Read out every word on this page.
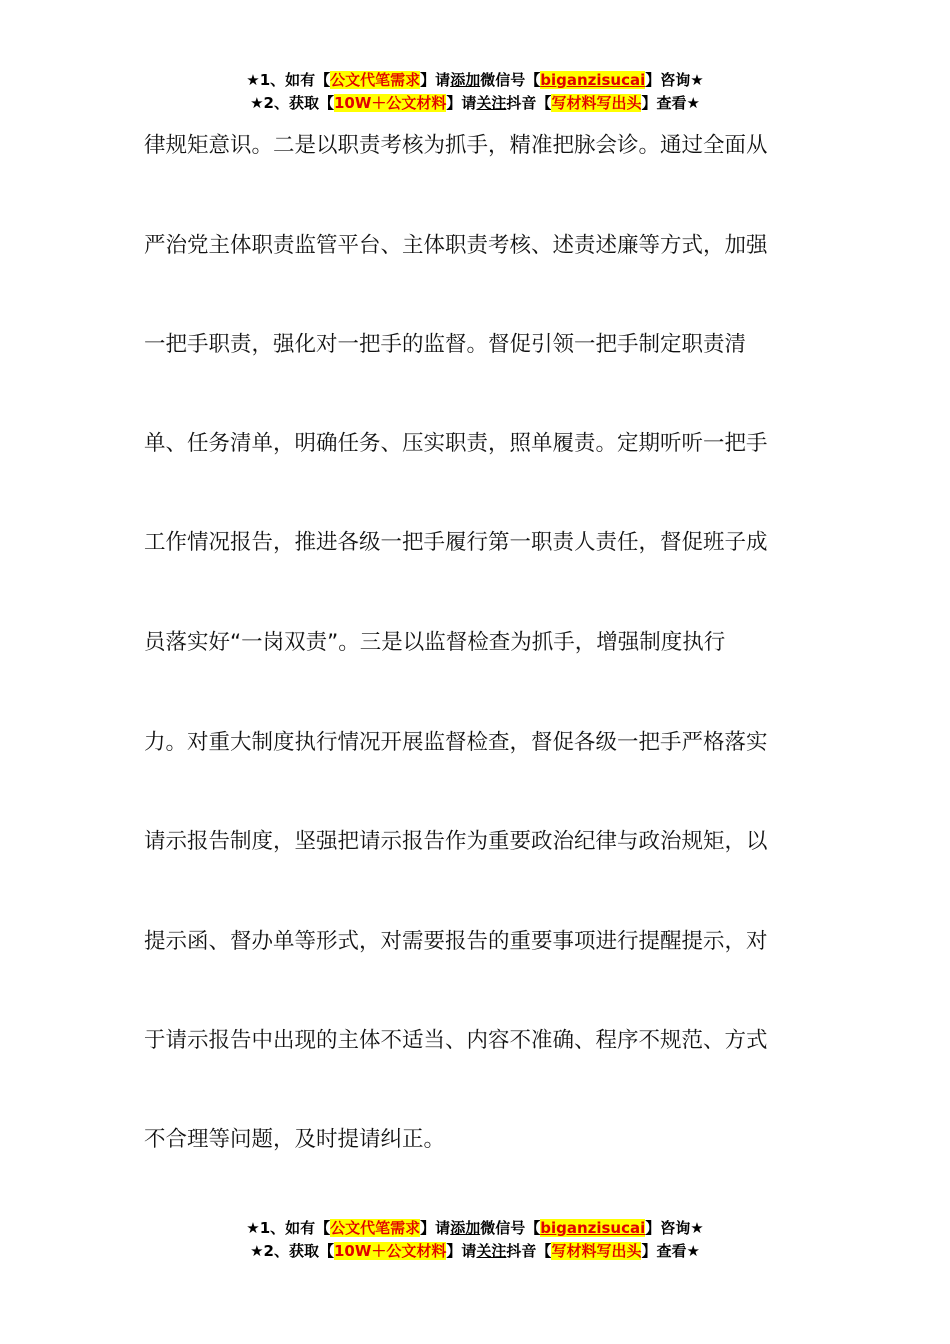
★1、如有【公文代笔需求】请添加微信号【biganzisucai】咨询★
★2、获取【10W＋公文材料】请关注抖音【写材料写出头】查看★
律规矩意识。二是以职责考核为抓手，精准把脉会诊。通过全面从
严治党主体职责监管平台、主体职责考核、述责述廉等方式，加强
一把手职责，强化对一把手的监督。督促引领一把手制定职责清
单、任务清单，明确任务、压实职责，照单履责。定期听听一把手
工作情况报告，推进各级一把手履行第一职责人责任，督促班子成
员落实好“一岗双责”。三是以监督检查为抓手，增强制度执行
力。对重大制度执行情况开展监督检查，督促各级一把手严格落实
请示报告制度，坚强把请示报告作为重要政治纪律与政治规矩，以
提示函、督办单等形式，对需要报告的重要事项进行提醒提示，对
于请示报告中出现的主体不适当、内容不准确、程序不规范、方式
不合理等问题，及时提请纠正。
★1、如有【公文代笔需求】请添加微信号【biganzisucai】咨询★
★2、获取【10W＋公文材料】请关注抖音【写材料写出头】查看★
